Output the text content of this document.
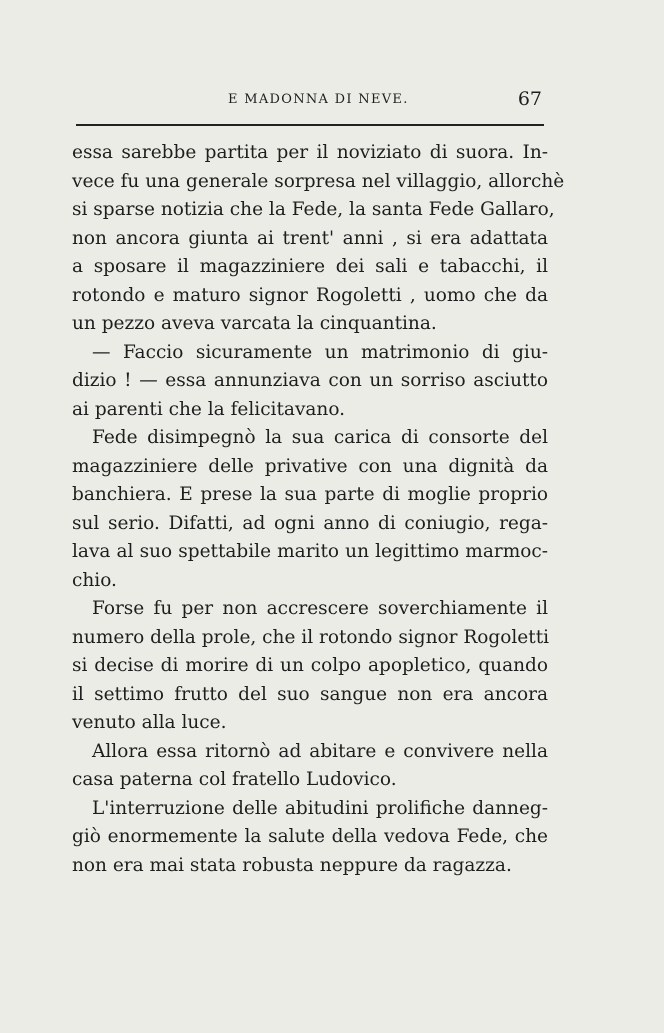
E MADONNA DI NEVE.	67
essa sarebbe partita per il noviziato di suora. In-
vece fu una generale sorpresa nel villaggio, allorchè
si sparse notizia che la Fede, la santa Fede Gallaro,
non ancora giunta ai trent' anni , si era adattata
a sposare il magazziniere dei sali e tabacchi, il
rotondo e maturo signor Rogoletti , uomo che da
un pezzo aveva varcata la cinquantina.
— Faccio sicuramente un matrimonio di giu-
dizio ! — essa annunziava con un sorriso asciutto
ai parenti che la felicitavano.
Fede disimpegnò la sua carica di consorte del
magazziniere delle privative con una dignità da
banchiera. E prese la sua parte di moglie proprio
sul serio. Difatti, ad ogni anno di coniugio, rega-
lava al suo spettabile marito un legittimo marmoc-
chio.
Forse fu per non accrescere soverchiamente il
numero della prole, che il rotondo signor Rogoletti
si decise di morire di un colpo apopletico, quando
il settimo frutto del suo sangue non era ancora
venuto alla luce.
Allora essa ritornò ad abitare e convivere nella
casa paterna col fratello Ludovico.
L'interruzione delle abitudini prolifiche danneg-
giò enormemente la salute della vedova Fede, che
non era mai stata robusta neppure da ragazza.
